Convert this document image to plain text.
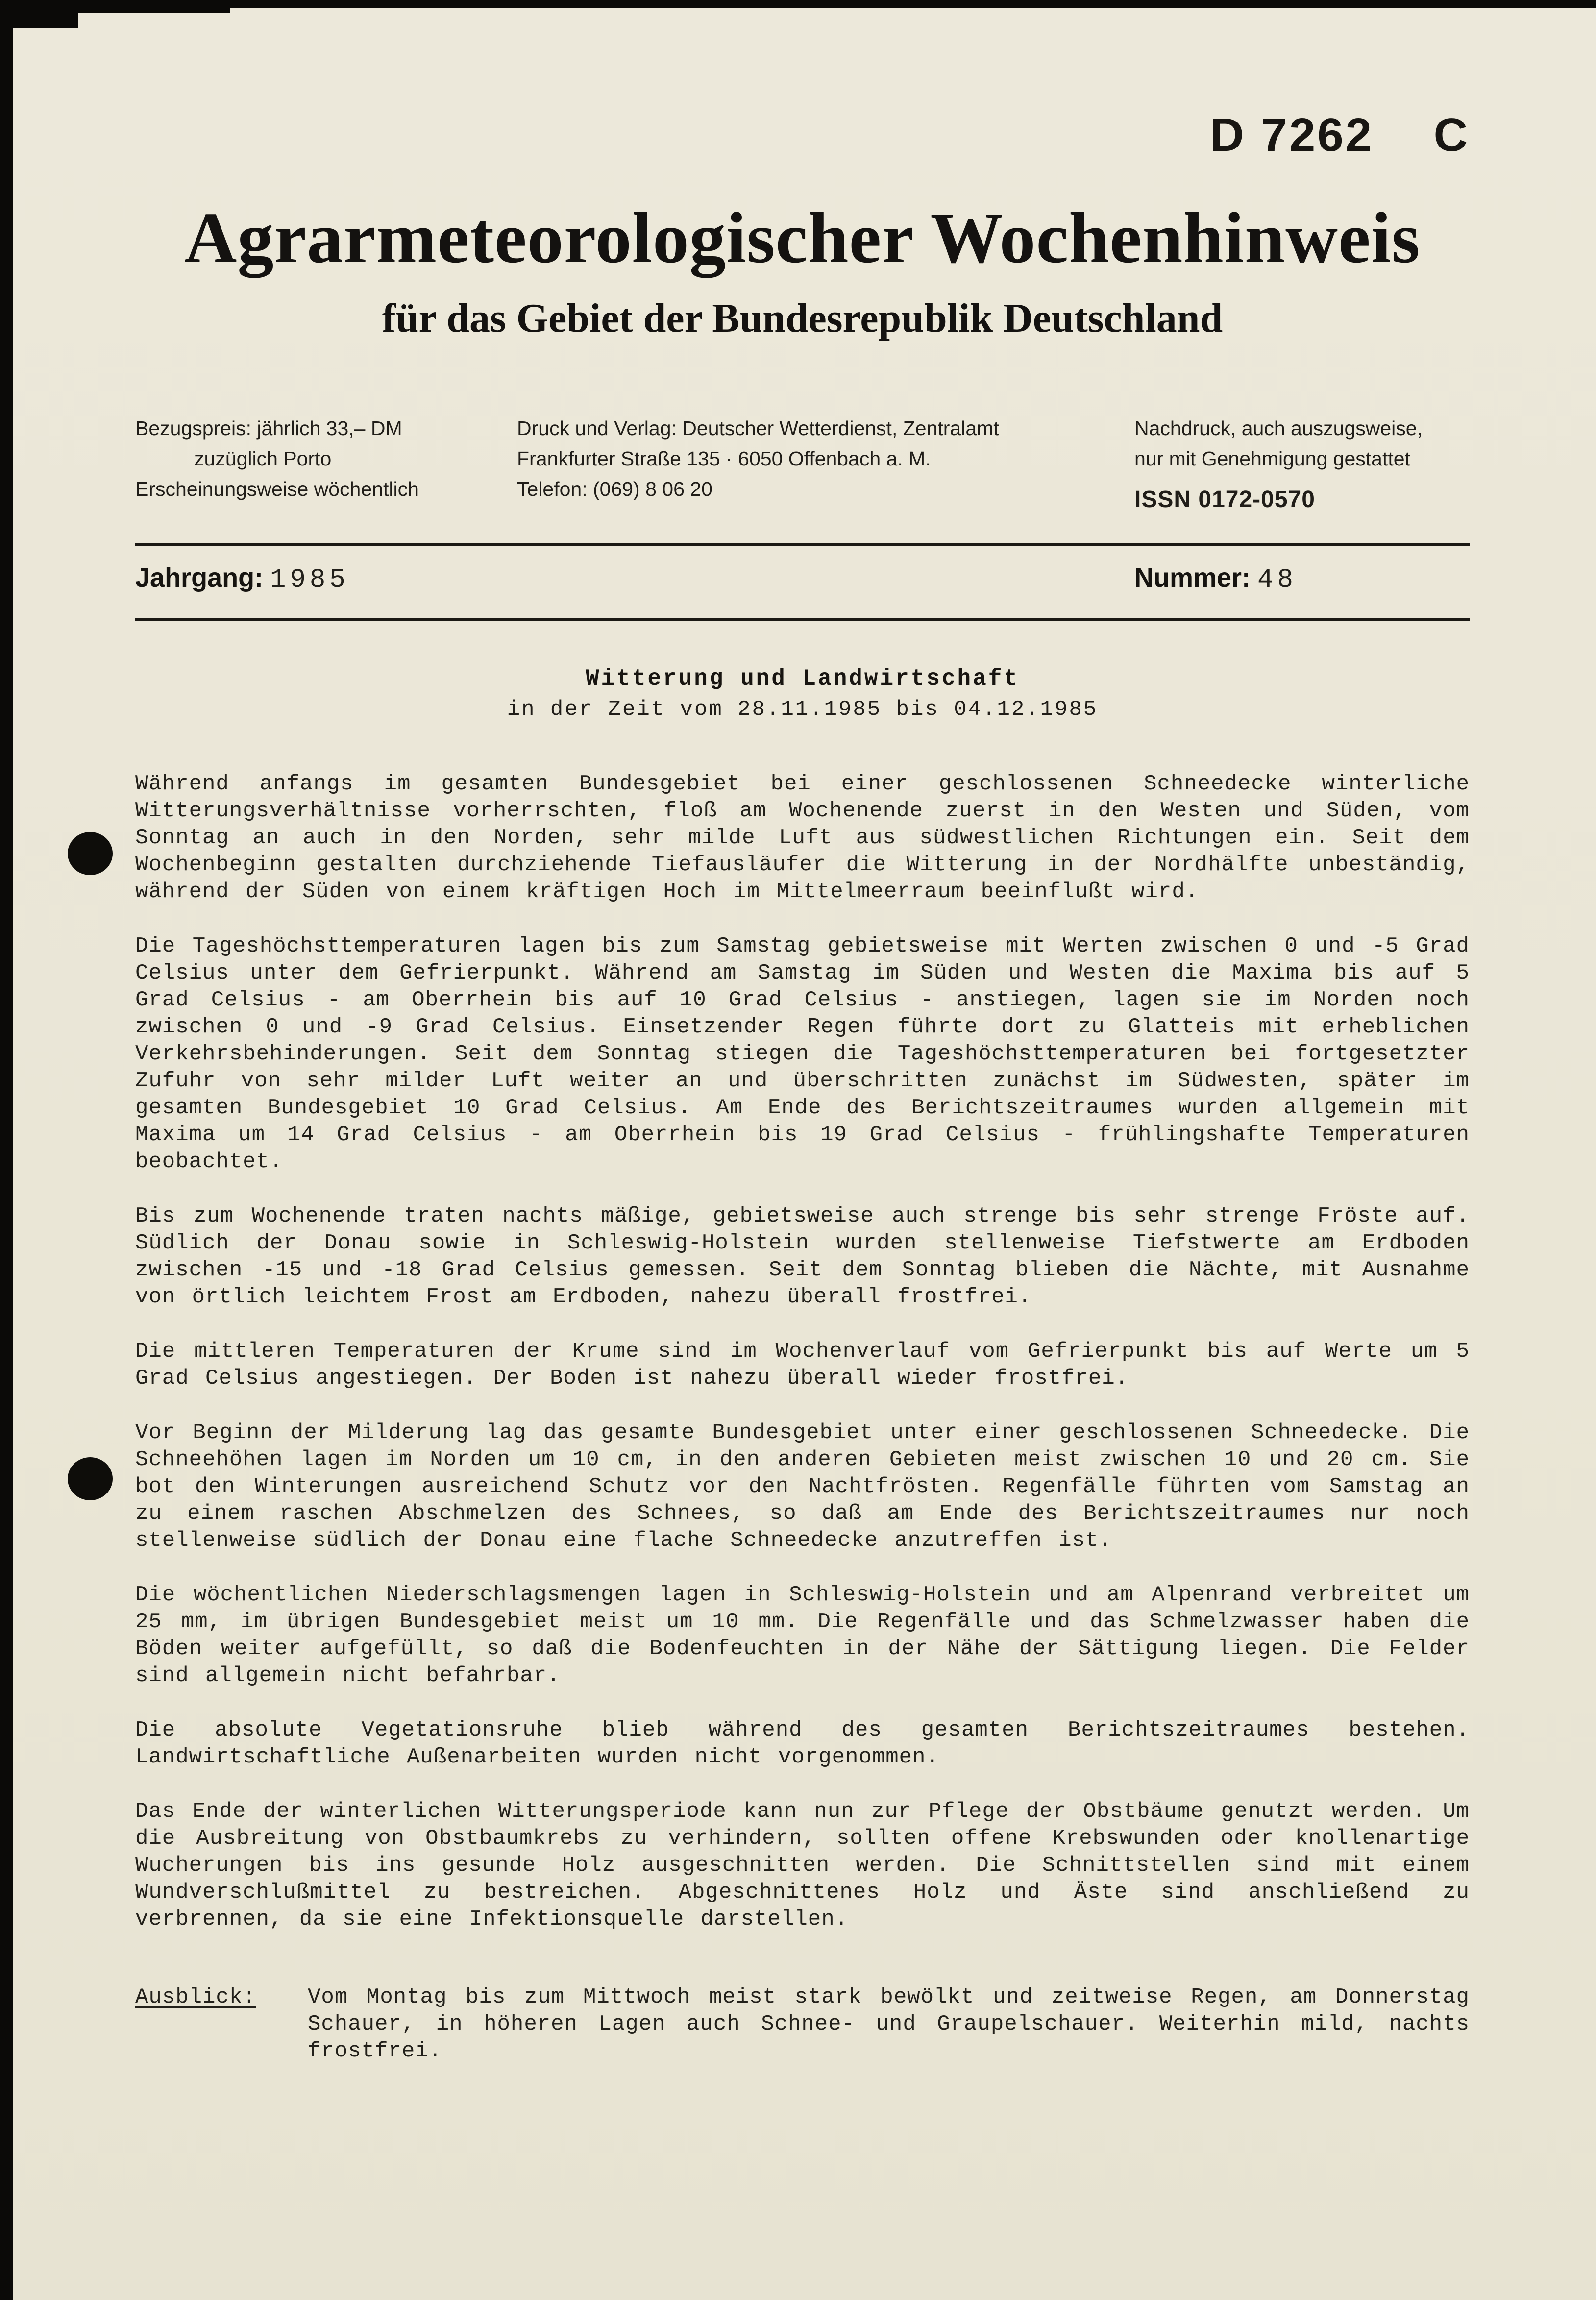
D 7262    C
Agrarmeteorologischer Wochenhinweis
für das Gebiet der Bundesrepublik Deutschland
Bezugspreis: jährlich 33,– DM
zuzüglich Porto
Erscheinungsweise wöchentlich
Druck und Verlag: Deutscher Wetterdienst, Zentralamt
Frankfurter Straße 135 · 6050 Offenbach a. M.
Telefon: (069) 8 06 20
Nachdruck, auch auszugsweise,
nur mit Genehmigung gestattet
ISSN 0172-0570
Jahrgang: 1985	Nummer: 48
Witterung und Landwirtschaft
in der Zeit vom 28.11.1985 bis 04.12.1985

Während anfangs im gesamten Bundesgebiet bei einer geschlossenen Schneedecke winterliche Witterungsverhältnisse vorherrschten, floß am Wochenende zuerst in den Westen und Süden, vom Sonntag an auch in den Norden, sehr milde Luft aus südwestlichen Richtungen ein. Seit dem Wochenbeginn gestalten durchziehende Tiefausläufer die Witterung in der Nordhälfte unbeständig, während der Süden von einem kräftigen Hoch im Mittelmeerraum beeinflußt wird.

Die Tageshöchsttemperaturen lagen bis zum Samstag gebietsweise mit Werten zwischen 0 und -5 Grad Celsius unter dem Gefrierpunkt. Während am Samstag im Süden und Westen die Maxima bis auf 5 Grad Celsius - am Oberrhein bis auf 10 Grad Celsius - anstiegen, lagen sie im Norden noch zwischen 0 und -9 Grad Celsius. Einsetzender Regen führte dort zu Glatteis mit erheblichen Verkehrsbehinderungen. Seit dem Sonntag stiegen die Tageshöchsttemperaturen bei fortgesetzter Zufuhr von sehr milder Luft weiter an und überschritten zunächst im Südwesten, später im gesamten Bundesgebiet 10 Grad Celsius. Am Ende des Berichtszeitraumes wurden allgemein mit Maxima um 14 Grad Celsius - am Oberrhein bis 19 Grad Celsius - frühlingshafte Temperaturen beobachtet.

Bis zum Wochenende traten nachts mäßige, gebietsweise auch strenge bis sehr strenge Fröste auf. Südlich der Donau sowie in Schleswig-Holstein wurden stellenweise Tiefstwerte am Erdboden zwischen -15 und -18 Grad Celsius gemessen. Seit dem Sonntag blieben die Nächte, mit Ausnahme von örtlich leichtem Frost am Erdboden, nahezu überall frostfrei.

Die mittleren Temperaturen der Krume sind im Wochenverlauf vom Gefrierpunkt bis auf Werte um 5 Grad Celsius angestiegen. Der Boden ist nahezu überall wieder frostfrei.

Vor Beginn der Milderung lag das gesamte Bundesgebiet unter einer geschlossenen Schneedecke. Die Schneehöhen lagen im Norden um 10 cm, in den anderen Gebieten meist zwischen 10 und 20 cm. Sie bot den Winterungen ausreichend Schutz vor den Nachtfrösten. Regenfälle führten vom Samstag an zu einem raschen Abschmelzen des Schnees, so daß am Ende des Berichtszeitraumes nur noch stellenweise südlich der Donau eine flache Schneedecke anzutreffen ist.

Die wöchentlichen Niederschlagsmengen lagen in Schleswig-Holstein und am Alpenrand verbreitet um 25 mm, im übrigen Bundesgebiet meist um 10 mm. Die Regenfälle und das Schmelzwasser haben die Böden weiter aufgefüllt, so daß die Bodenfeuchten in der Nähe der Sättigung liegen. Die Felder sind allgemein nicht befahrbar.

Die absolute Vegetationsruhe blieb während des gesamten Berichtszeitraumes bestehen. Landwirtschaftliche Außenarbeiten wurden nicht vorgenommen.

Das Ende der winterlichen Witterungsperiode kann nun zur Pflege der Obstbäume genutzt werden. Um die Ausbreitung von Obstbaumkrebs zu verhindern, sollten offene Krebswunden oder knollenartige Wucherungen bis ins gesunde Holz ausgeschnitten werden. Die Schnittstellen sind mit einem Wundverschlußmittel zu bestreichen. Abgeschnittenes Holz und Äste sind anschließend zu verbrennen, da sie eine Infektionsquelle darstellen.

Ausblick:	Vom Montag bis zum Mittwoch meist stark bewölkt und zeitweise Regen, am Donnerstag Schauer, in höheren Lagen auch Schnee- und Graupelschauer. Weiterhin mild, nachts frostfrei.
